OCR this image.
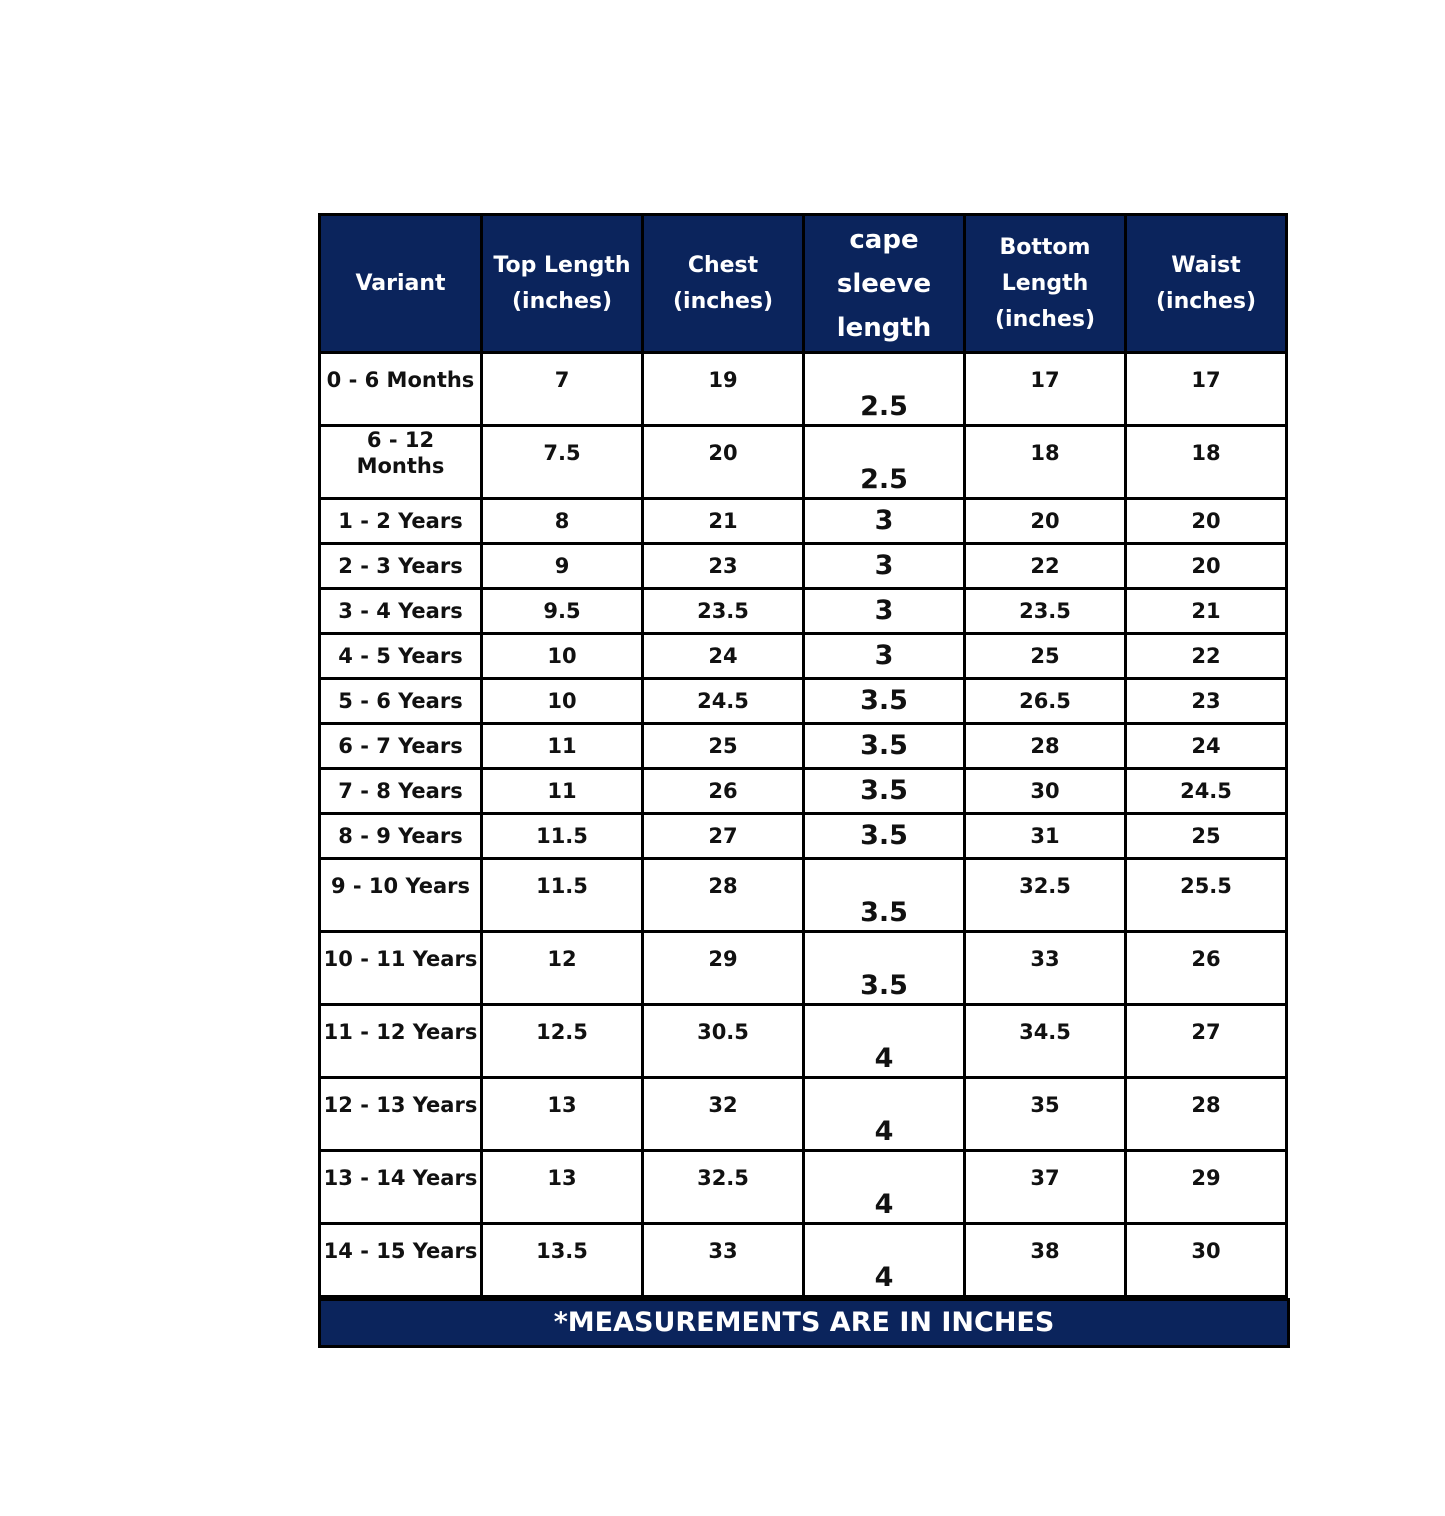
Variant	Top Length (inches)	Chest (inches)	cape sleeve length	Bottom Length (inches)	Waist (inches)
0 - 6 Months	7	19	2.5	17	17
6 - 12 Months	7.5	20	2.5	18	18
1 - 2 Years	8	21	3	20	20
2 - 3 Years	9	23	3	22	20
3 - 4 Years	9.5	23.5	3	23.5	21
4 - 5 Years	10	24	3	25	22
5 - 6 Years	10	24.5	3.5	26.5	23
6 - 7 Years	11	25	3.5	28	24
7 - 8 Years	11	26	3.5	30	24.5
8 - 9 Years	11.5	27	3.5	31	25
9 - 10 Years	11.5	28	3.5	32.5	25.5
10 - 11 Years	12	29	3.5	33	26
11 - 12 Years	12.5	30.5	4	34.5	27
12 - 13 Years	13	32	4	35	28
13 - 14 Years	13	32.5	4	37	29
14 - 15 Years	13.5	33	4	38	30
*MEASUREMENTS ARE IN INCHES
